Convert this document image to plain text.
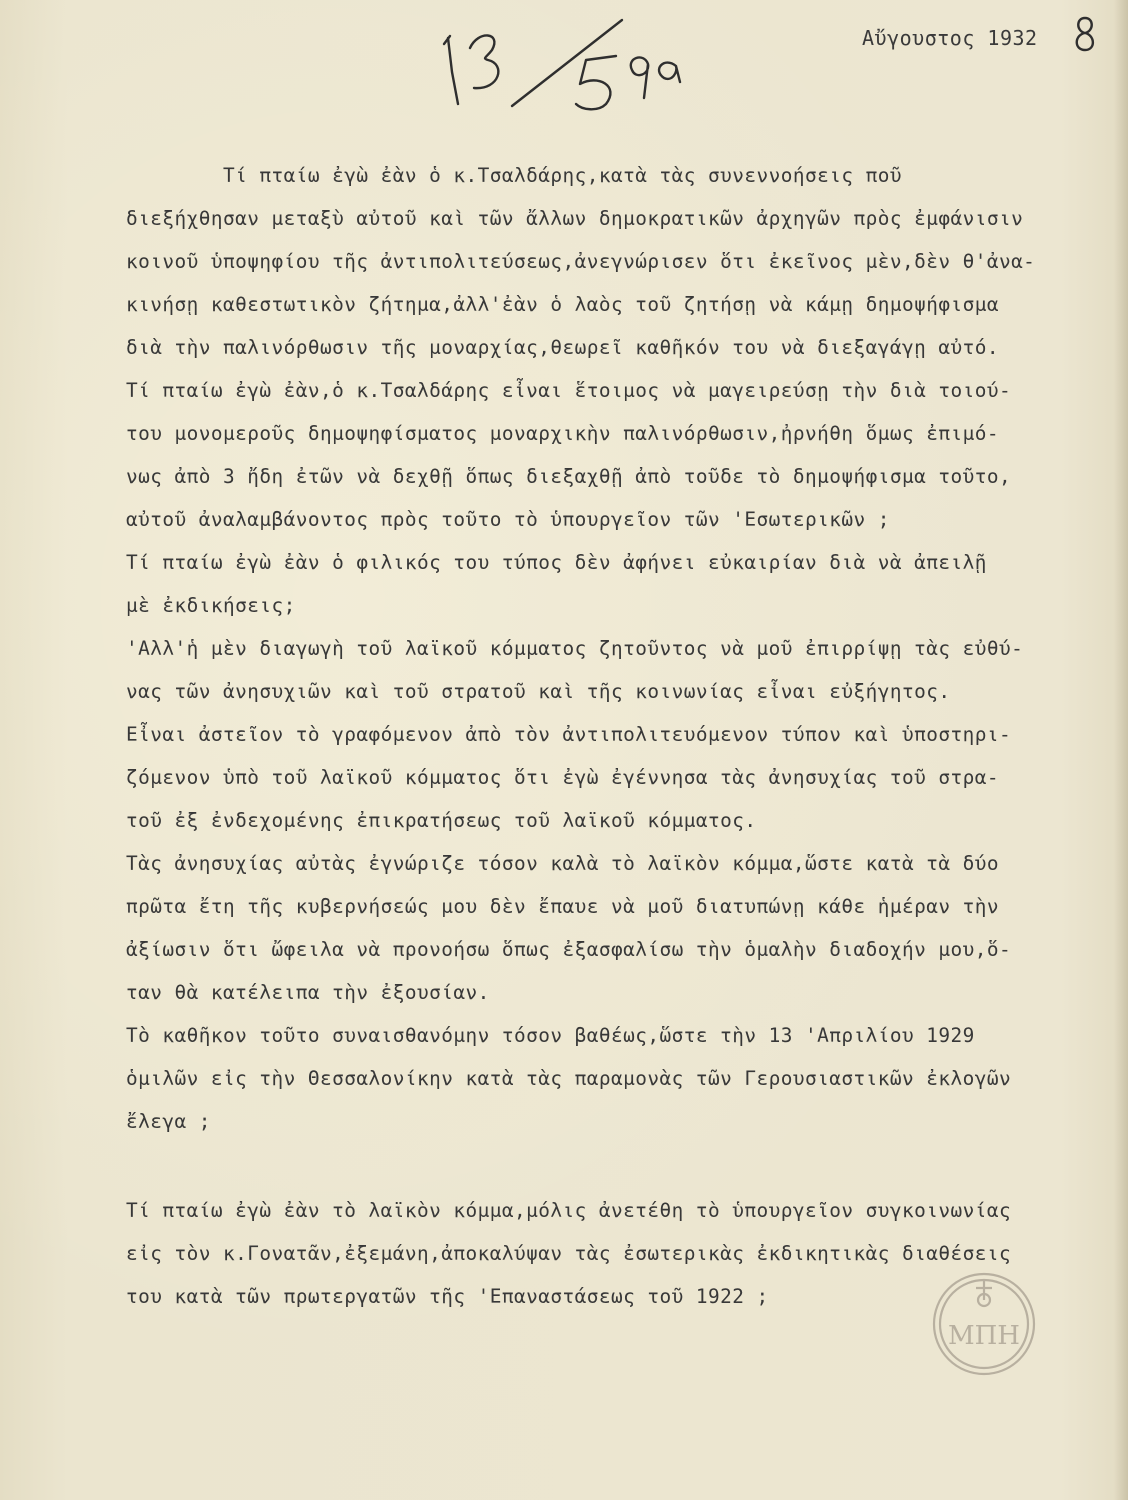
Αὔγουστος 1932
Τί πταίω ἐγὼ ἐὰν ὁ κ.Τσαλδάρης,κατὰ τὰς συνεννοήσεις ποῦ
διεξήχθησαν μεταξὺ αὐτοῦ καὶ τῶν ἄλλων δημοκρατικῶν ἀρχηγῶν πρὸς ἐμφάνισιν
κοινοῦ ὑποψηφίου τῆς ἀντιπολιτεύσεως,ἀνεγνώρισεν ὅτι ἐκεῖνος μὲν,δὲν θ'ἀνα-
κινήσῃ καθεστωτικὸν ζήτημα,ἀλλ'ἐὰν ὁ λαὸς τοῦ ζητήσῃ νὰ κάμῃ δημοψήφισμα
διὰ τὴν παλινόρθωσιν τῆς μοναρχίας,θεωρεῖ καθῆκόν του νὰ διεξαγάγῃ αὐτό.
Τί πταίω ἐγὼ ἐὰν,ὁ κ.Τσαλδάρης εἶναι ἕτοιμος νὰ μαγειρεύσῃ τὴν διὰ τοιού-
του μονομεροῦς δημοψηφίσματος μοναρχικὴν παλινόρθωσιν,ἠρνήθη ὅμως ἐπιμό-
νως ἀπὸ 3 ἤδη ἐτῶν νὰ δεχθῇ ὅπως διεξαχθῇ ἀπὸ τοῦδε τὸ δημοψήφισμα τοῦτο,
αὐτοῦ ἀναλαμβάνοντος πρὸς τοῦτο τὸ ὑπουργεῖον τῶν 'Εσωτερικῶν ;
Τί πταίω ἐγὼ ἐὰν ὁ φιλικός του τύπος δὲν ἀφήνει εὐκαιρίαν διὰ νὰ ἀπειλῇ
μὲ ἐκδικήσεις;
'Αλλ'ἡ μὲν διαγωγὴ τοῦ λαϊκοῦ κόμματος ζητοῦντος νὰ μοῦ ἐπιρρίψῃ τὰς εὐθύ-
νας τῶν ἀνησυχιῶν καὶ τοῦ στρατοῦ καὶ τῆς κοινωνίας εἶναι εὐξήγητος.
Εἶναι ἀστεῖον τὸ γραφόμενον ἀπὸ τὸν ἀντιπολιτευόμενον τύπον καὶ ὑποστηρι-
ζόμενον ὑπὸ τοῦ λαϊκοῦ κόμματος ὅτι ἐγὼ ἐγέννησα τὰς ἀνησυχίας τοῦ στρα-
τοῦ ἐξ ἐνδεχομένης ἐπικρατήσεως τοῦ λαϊκοῦ κόμματος.
Τὰς ἀνησυχίας αὐτὰς ἐγνώριζε τόσον καλὰ τὸ λαϊκὸν κόμμα,ὥστε κατὰ τὰ δύο
πρῶτα ἔτη τῆς κυβερνήσεώς μου δὲν ἔπαυε νὰ μοῦ διατυπώνῃ κάθε ἡμέραν τὴν
ἀξίωσιν ὅτι ὤφειλα νὰ προνοήσω ὅπως ἐξασφαλίσω τὴν ὁμαλὴν διαδοχήν μου,ὅ-
ταν θὰ κατέλειπα τὴν ἐξουσίαν.
Τὸ καθῆκον τοῦτο συναισθανόμην τόσον βαθέως,ὥστε τὴν 13 'Απριλίου 1929
ὁμιλῶν εἰς τὴν Θεσσαλονίκην κατὰ τὰς παραμονὰς τῶν Γερουσιαστικῶν ἐκλογῶν
ἔλεγα ;
Τί πταίω ἐγὼ ἐὰν τὸ λαϊκὸν κόμμα,μόλις ἀνετέθη τὸ ὑπουργεῖον συγκοινωνίας
εἰς τὸν κ.Γονατᾶν,ἐξεμάνη,ἀποκαλύψαν τὰς ἐσωτερικὰς ἐκδικητικὰς διαθέσεις
του κατὰ τῶν πρωτεργατῶν τῆς 'Επαναστάσεως τοῦ 1922 ;
ΜΠΗ
